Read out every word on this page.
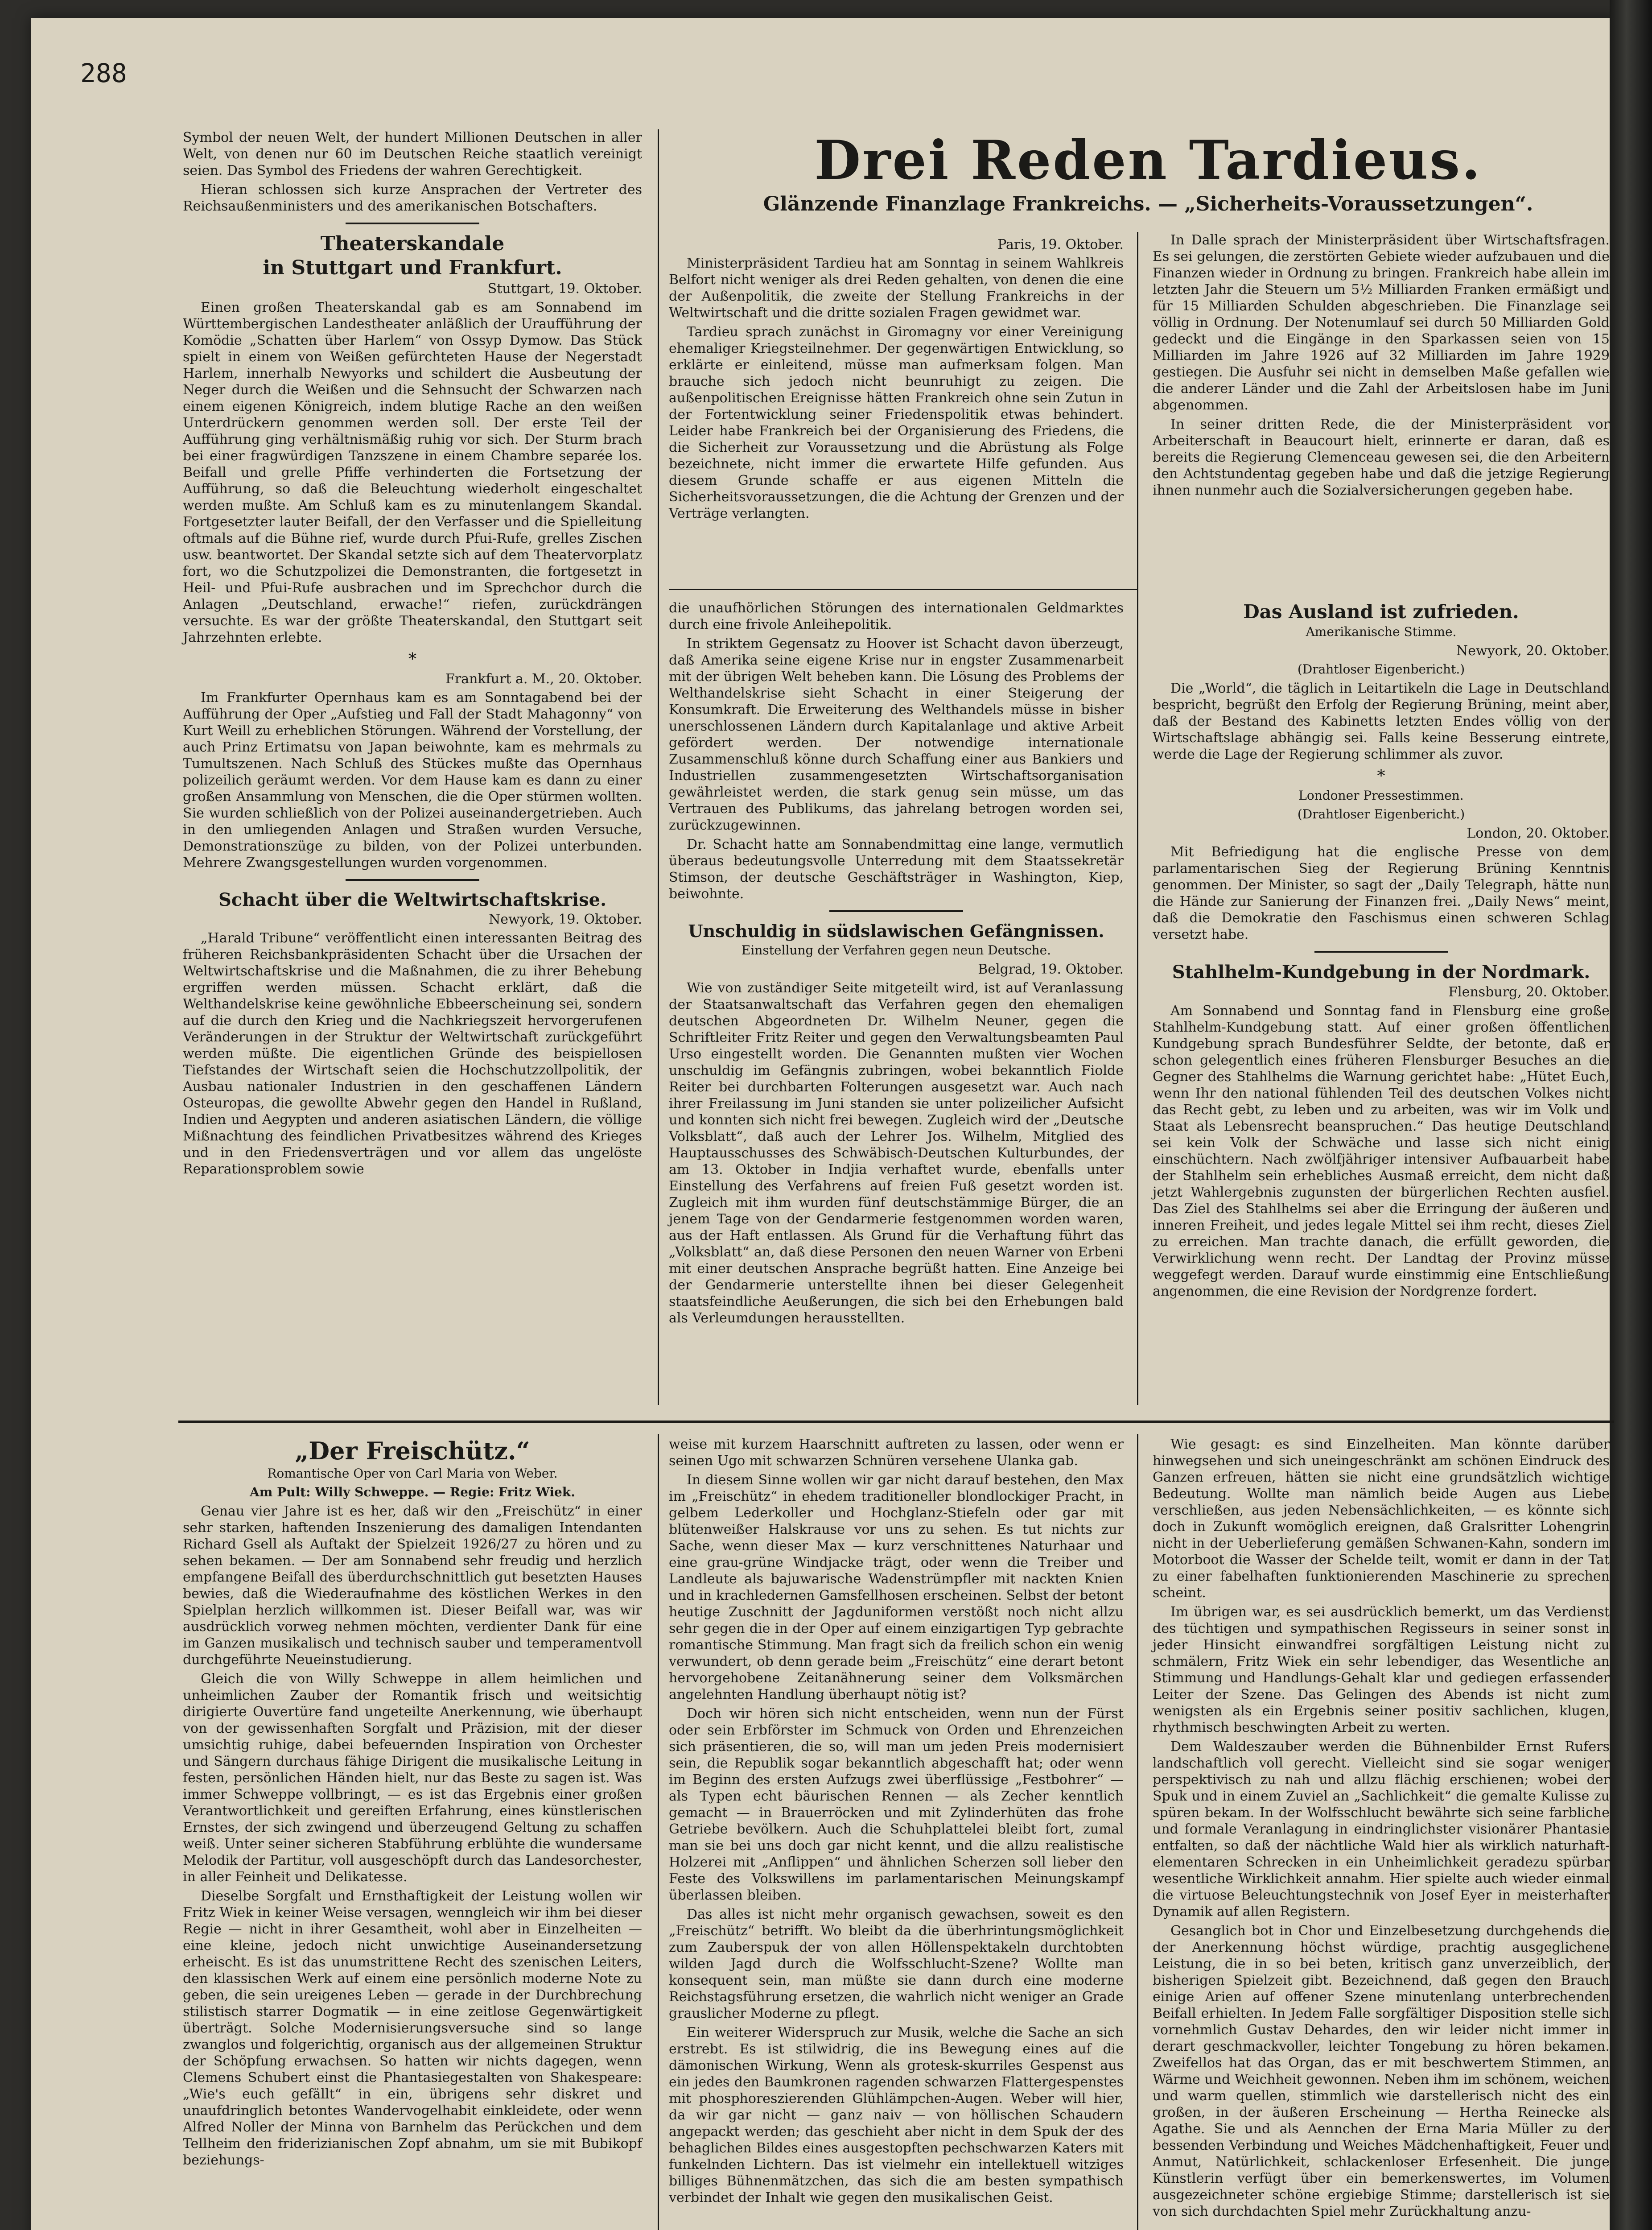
288

Symbol der neuen Welt, der hundert Millionen Deutschen in aller Welt, von denen nur 60 im Deutschen Reiche staatlich vereinigt seien. Das Symbol des Friedens der wahren Gerechtigkeit.

Hieran schlossen sich kurze Ansprachen der Vertreter des Reichsaußenministers und des amerikanischen Botschafters.

Theaterskandale
in Stuttgart und Frankfurt.
Stuttgart, 19. Oktober.

Einen großen Theaterskandal gab es am Sonnabend im Württembergischen Landestheater anläßlich der Uraufführung der Komödie „Schatten über Harlem“ von Ossyp Dymow. Das Stück spielt in einem von Weißen gefürchteten Hause der Negerstadt Harlem, innerhalb Newyorks und schildert die Ausbeutung der Neger durch die Weißen und die Sehnsucht der Schwarzen nach einem eigenen Königreich, indem blutige Rache an den weißen Unterdrückern genommen werden soll. Der erste Teil der Aufführung ging verhältnismäßig ruhig vor sich. Der Sturm brach bei einer fragwürdigen Tanzszene in einem Chambre separée los. Beifall und grelle Pfiffe verhinderten die Fortsetzung der Aufführung, so daß die Beleuchtung wiederholt eingeschaltet werden mußte. Am Schluß kam es zu minutenlangem Skandal. Fortgesetzter lauter Beifall, der den Verfasser und die Spielleitung oftmals auf die Bühne rief, wurde durch Pfui-Rufe, grelles Zischen usw. beantwortet. Der Skandal setzte sich auf dem Theatervorplatz fort, wo die Schutzpolizei die Demonstranten, die fortgesetzt in Heil- und Pfui-Rufe ausbrachen und im Sprechchor durch die Anlagen „Deutschland, erwache!“ riefen, zurückdrängen versuchte. Es war der größte Theaterskandal, den Stuttgart seit Jahrzehnten erlebte.

*
Frankfurt a. M., 20. Oktober.

Im Frankfurter Opernhaus kam es am Sonntagabend bei der Aufführung der Oper „Aufstieg und Fall der Stadt Mahagonny“ von Kurt Weill zu erheblichen Störungen. Während der Vorstellung, der auch Prinz Ertimatsu von Japan beiwohnte, kam es mehrmals zu Tumultszenen. Nach Schluß des Stückes mußte das Opernhaus polizeilich geräumt werden. Vor dem Hause kam es dann zu einer großen Ansammlung von Menschen, die die Oper stürmen wollten. Sie wurden schließlich von der Polizei auseinandergetrieben. Auch in den umliegenden Anlagen und Straßen wurden Versuche, Demonstrationszüge zu bilden, von der Polizei unterbunden. Mehrere Zwangsgestellungen wurden vorgenommen.

Schacht über die Weltwirtschaftskrise.
Newyork, 19. Oktober.

„Harald Tribune“ veröffentlicht einen interessanten Beitrag des früheren Reichsbankpräsidenten Schacht über die Ursachen der Weltwirtschaftskrise und die Maßnahmen, die zu ihrer Behebung ergriffen werden müssen. Schacht erklärt, daß die Welthandelskrise keine gewöhnliche Ebbeerscheinung sei, sondern auf die durch den Krieg und die Nachkriegszeit hervorgerufenen Veränderungen in der Struktur der Weltwirtschaft zurückgeführt werden müßte. Die eigentlichen Gründe des beispiellosen Tiefstandes der Wirtschaft seien die Hochschutzzollpolitik, der Ausbau nationaler Industrien in den geschaffenen Ländern Osteuropas, die gewollte Abwehr gegen den Handel in Rußland, Indien und Aegypten und anderen asiatischen Ländern, die völlige Mißnachtung des feindlichen Privatbesitzes während des Krieges und in den Friedensverträgen und vor allem das ungelöste Reparationsproblem sowie

Drei Reden Tardieus.
Glänzende Finanzlage Frankreichs. — „Sicherheits-Voraussetzungen“.
Paris, 19. Oktober.

Ministerpräsident Tardieu hat am Sonntag in seinem Wahlkreis Belfort nicht weniger als drei Reden gehalten, von denen die eine der Außenpolitik, die zweite der Stellung Frankreichs in der Weltwirtschaft und die dritte sozialen Fragen gewidmet war.

Tardieu sprach zunächst in Giromagny vor einer Vereinigung ehemaliger Kriegsteilnehmer. Der gegenwärtigen Entwicklung, so erklärte er einleitend, müsse man aufmerksam folgen. Man brauche sich jedoch nicht beunruhigt zu zeigen. Die außenpolitischen Ereignisse hätten Frankreich ohne sein Zutun in der Fortentwicklung seiner Friedenspolitik etwas behindert. Leider habe Frankreich bei der Organisierung des Friedens, die die Sicherheit zur Voraussetzung und die Abrüstung als Folge bezeichnete, nicht immer die erwartete Hilfe gefunden. Aus diesem Grunde schaffe er aus eigenen Mitteln die Sicherheitsvoraussetzungen, die die Achtung der Grenzen und der Verträge verlangten.

In Dalle sprach der Ministerpräsident über Wirtschaftsfragen. Es sei gelungen, die zerstörten Gebiete wieder aufzubauen und die Finanzen wieder in Ordnung zu bringen. Frankreich habe allein im letzten Jahr die Steuern um 5½ Milliarden Franken ermäßigt und für 15 Milliarden Schulden abgeschrieben. Die Finanzlage sei völlig in Ordnung. Der Notenumlauf sei durch 50 Milliarden Gold gedeckt und die Eingänge in den Sparkassen seien von 15 Milliarden im Jahre 1926 auf 32 Milliarden im Jahre 1929 gestiegen. Die Ausfuhr sei nicht in demselben Maße gefallen wie die anderer Länder und die Zahl der Arbeitslosen habe im Juni abgenommen.

In seiner dritten Rede, die der Ministerpräsident vor Arbeiterschaft in Beaucourt hielt, erinnerte er daran, daß es bereits die Regierung Clemenceau gewesen sei, die den Arbeitern den Achtstundentag gegeben habe und daß die jetzige Regierung ihnen nunmehr auch die Sozialversicherungen gegeben habe.

die unaufhörlichen Störungen des internationalen Geldmarktes durch eine frivole Anleihepolitik.

In striktem Gegensatz zu Hoover ist Schacht davon überzeugt, daß Amerika seine eigene Krise nur in engster Zusammenarbeit mit der übrigen Welt beheben kann. Die Lösung des Problems der Welthandelskrise sieht Schacht in einer Steigerung der Konsumkraft. Die Erweiterung des Welthandels müsse in bisher unerschlossenen Ländern durch Kapitalanlage und aktive Arbeit gefördert werden. Der notwendige internationale Zusammenschluß könne durch Schaffung einer aus Bankiers und Industriellen zusammengesetzten Wirtschaftsorganisation gewährleistet werden, die stark genug sein müsse, um das Vertrauen des Publikums, das jahrelang betrogen worden sei, zurückzugewinnen.

Dr. Schacht hatte am Sonnabendmittag eine lange, vermutlich überaus bedeutungsvolle Unterredung mit dem Staatssekretär Stimson, der deutsche Geschäftsträger in Washington, Kiep, beiwohnte.

Unschuldig in südslawischen Gefängnissen.
Einstellung der Verfahren gegen neun Deutsche.
Belgrad, 19. Oktober.

Wie von zuständiger Seite mitgeteilt wird, ist auf Veranlassung der Staatsanwaltschaft das Verfahren gegen den ehemaligen deutschen Abgeordneten Dr. Wilhelm Neuner, gegen die Schriftleiter Fritz Reiter und gegen den Verwaltungsbeamten Paul Urso eingestellt worden. Die Genannten mußten vier Wochen unschuldig im Gefängnis zubringen, wobei bekanntlich Fiolde Reiter bei durchbarten Folterungen ausgesetzt war. Auch nach ihrer Freilassung im Juni standen sie unter polizeilicher Aufsicht und konnten sich nicht frei bewegen. Zugleich wird der „Deutsche Volksblatt“, daß auch der Lehrer Jos. Wilhelm, Mitglied des Hauptausschusses des Schwäbisch-Deutschen Kulturbundes, der am 13. Oktober in Indjia verhaftet wurde, ebenfalls unter Einstellung des Verfahrens auf freien Fuß gesetzt worden ist. Zugleich mit ihm wurden fünf deutschstämmige Bürger, die an jenem Tage von der Gendarmerie festgenommen worden waren, aus der Haft entlassen. Als Grund für die Verhaftung führt das „Volksblatt“ an, daß diese Personen den neuen Warner von Erbeni mit einer deutschen Ansprache begrüßt hatten. Eine Anzeige bei der Gendarmerie unterstellte ihnen bei dieser Gelegenheit staatsfeindliche Aeußerungen, die sich bei den Erhebungen bald als Verleumdungen herausstellten.

Das Ausland ist zufrieden.
Amerikanische Stimme.
Newyork, 20. Oktober.
(Drahtloser Eigenbericht.)

Die „World“, die täglich in Leitartikeln die Lage in Deutschland bespricht, begrüßt den Erfolg der Regierung Brüning, meint aber, daß der Bestand des Kabinetts letzten Endes völlig von der Wirtschaftslage abhängig sei. Falls keine Besserung eintrete, werde die Lage der Regierung schlimmer als zuvor.

*
Londoner Pressestimmen.
(Drahtloser Eigenbericht.)
London, 20. Oktober.

Mit Befriedigung hat die englische Presse von dem parlamentarischen Sieg der Regierung Brüning Kenntnis genommen. Der Minister, so sagt der „Daily Telegraph, hätte nun die Hände zur Sanierung der Finanzen frei. „Daily News“ meint, daß die Demokratie den Faschismus einen schweren Schlag versetzt habe.

Stahlhelm-Kundgebung in der Nordmark.
Flensburg, 20. Oktober.

Am Sonnabend und Sonntag fand in Flensburg eine große Stahlhelm-Kundgebung statt. Auf einer großen öffentlichen Kundgebung sprach Bundesführer Seldte, der betonte, daß er schon gelegentlich eines früheren Flensburger Besuches an die Gegner des Stahlhelms die Warnung gerichtet habe: „Hütet Euch, wenn Ihr den national fühlenden Teil des deutschen Volkes nicht das Recht gebt, zu leben und zu arbeiten, was wir im Volk und Staat als Lebensrecht beanspruchen.“ Das heutige Deutschland sei kein Volk der Schwäche und lasse sich nicht einig einschüchtern. Nach zwölfjähriger intensiver Aufbauarbeit habe der Stahlhelm sein erhebliches Ausmaß erreicht, dem nicht daß jetzt Wahlergebnis zugunsten der bürgerlichen Rechten ausfiel. Das Ziel des Stahlhelms sei aber die Erringung der äußeren und inneren Freiheit, und jedes legale Mittel sei ihm recht, dieses Ziel zu erreichen. Man trachte danach, die erfüllt geworden, die Verwirklichung wenn recht. Der Landtag der Provinz müsse weggefegt werden. Darauf wurde einstimmig eine Entschließung angenommen, die eine Revision der Nordgrenze fordert.

„Der Freischütz.“
Romantische Oper von Carl Maria von Weber.
Am Pult: Willy Schweppe. — Regie: Fritz Wiek.

Genau vier Jahre ist es her, daß wir den „Freischütz“ in einer sehr starken, haftenden Inszenierung des damaligen Intendanten Richard Gsell als Auftakt der Spielzeit 1926/27 zu hören und zu sehen bekamen. — Der am Sonnabend sehr freudig und herzlich empfangene Beifall des überdurchschnittlich gut besetzten Hauses bewies, daß die Wiederaufnahme des köstlichen Werkes in den Spielplan herzlich willkommen ist. Dieser Beifall war, was wir ausdrücklich vorweg nehmen möchten, verdienter Dank für eine im Ganzen musikalisch und technisch sauber und temperamentvoll durchgeführte Neueinstudierung.

Gleich die von Willy Schweppe in allem heimlichen und unheimlichen Zauber der Romantik frisch und weitsichtig dirigierte Ouvertüre fand ungeteilte Anerkennung, wie überhaupt von der gewissenhaften Sorgfalt und Präzision, mit der dieser umsichtig ruhige, dabei befeuernden Inspiration von Orchester und Sängern durchaus fähige Dirigent die musikalische Leitung in festen, persönlichen Händen hielt, nur das Beste zu sagen ist. Was immer Schweppe vollbringt, — es ist das Ergebnis einer großen Verantwortlichkeit und gereiften Erfahrung, eines künstlerischen Ernstes, der sich zwingend und überzeugend Geltung zu schaffen weiß. Unter seiner sicheren Stabführung erblühte die wundersame Melodik der Partitur, voll ausgeschöpft durch das Landesorchester, in aller Feinheit und Delikatesse.

Dieselbe Sorgfalt und Ernsthaftigkeit der Leistung wollen wir Fritz Wiek in keiner Weise versagen, wenngleich wir ihm bei dieser Regie — nicht in ihrer Gesamtheit, wohl aber in Einzelheiten — eine kleine, jedoch nicht unwichtige Auseinandersetzung erheischt. Es ist das unumstrittene Recht des szenischen Leiters, den klassischen Werk auf einem eine persönlich moderne Note zu geben, die sein ureigenes Leben — gerade in der Durchbrechung stilistisch starrer Dogmatik — in eine zeitlose Gegenwärtigkeit überträgt. Solche Modernisierungsversuche sind so lange zwanglos und folgerichtig, organisch aus der allgemeinen Struktur der Schöpfung erwachsen. So hatten wir nichts dagegen, wenn Clemens Schubert einst die Phantasiegestalten von Shakespeare: „Wie's euch gefällt“ in ein, übrigens sehr diskret und unaufdringlich betontes Wandervogelhabit einkleidete, oder wenn Alfred Noller der Minna von Barnhelm das Perückchen und dem Tellheim den friderizianischen Zopf abnahm, um sie mit Bubikopf beziehungs-

weise mit kurzem Haarschnitt auftreten zu lassen, oder wenn er seinen Ugo mit schwarzen Schnüren versehene Ulanka gab.

In diesem Sinne wollen wir gar nicht darauf bestehen, den Max im „Freischütz“ in ehedem traditioneller blondlockiger Pracht, in gelbem Lederkoller und Hochglanz-Stiefeln oder gar mit blütenweißer Halskrause vor uns zu sehen. Es tut nichts zur Sache, wenn dieser Max — kurz verschnittenes Naturhaar und eine grau-grüne Windjacke trägt, oder wenn die Treiber und Landleute als bajuwarische Wadenstrümpfler mit nackten Knien und in krachledernen Gamsfellhosen erscheinen. Selbst der betont heutige Zuschnitt der Jagduniformen verstößt noch nicht allzu sehr gegen die in der Oper auf einem einzigartigen Typ gebrachte romantische Stimmung. Man fragt sich da freilich schon ein wenig verwundert, ob denn gerade beim „Freischütz“ eine derart betont hervorgehobene Zeitanähnerung seiner dem Volksmärchen angelehnten Handlung überhaupt nötig ist?

Doch wir hören sich nicht entscheiden, wenn nun der Fürst oder sein Erbförster im Schmuck von Orden und Ehrenzeichen sich präsentieren, die so, will man um jeden Preis modernisiert sein, die Republik sogar bekanntlich abgeschafft hat; oder wenn im Beginn des ersten Aufzugs zwei überflüssige „Festbohrer“ — als Typen echt bäurischen Rennen — als Zecher kenntlich gemacht — in Brauerröcken und mit Zylinderhüten das frohe Getriebe bevölkern. Auch die Schuhplattelei bleibt fort, zumal man sie bei uns doch gar nicht kennt, und die allzu realistische Holzerei mit „Anflippen“ und ähnlichen Scherzen soll lieber den Feste des Volkswillens im parlamentarischen Meinungskampf überlassen bleiben.

Das alles ist nicht mehr organisch gewachsen, soweit es den „Freischütz“ betrifft. Wo bleibt da die überhrintungsmöglichkeit zum Zauberspuk der von allen Höllenspektakeln durchtobten wilden Jagd durch die Wolfsschlucht-Szene? Wollte man konsequent sein, man müßte sie dann durch eine moderne Reichstagsführung ersetzen, die wahrlich nicht weniger an Grade grauslicher Moderne zu pflegt.

Ein weiterer Widerspruch zur Musik, welche die Sache an sich erstrebt. Es ist stilwidrig, die ins Bewegung eines auf die dämonischen Wirkung, Wenn als grotesk-skurriles Gespenst aus ein jedes den Baumkronen ragenden schwarzen Flattergespenstes mit phosphoreszierenden Glühlämpchen-Augen. Weber will hier, da wir gar nicht — ganz naiv — von höllischen Schaudern angepackt werden; das geschieht aber nicht in dem Spuk der des behaglichen Bildes eines ausgestopften pechschwarzen Katers mit funkelnden Lichtern. Das ist vielmehr ein intellektuell witziges billiges Bühnenmätzchen, das sich die am besten sympathisch verbindet der Inhalt wie gegen den musikalischen Geist.

Wie gesagt: es sind Einzelheiten. Man könnte darüber hinwegsehen und sich uneingeschränkt am schönen Eindruck des Ganzen erfreuen, hätten sie nicht eine grundsätzlich wichtige Bedeutung. Wollte man nämlich beide Augen aus Liebe verschließen, aus jeden Nebensächlichkeiten, — es könnte sich doch in Zukunft womöglich ereignen, daß Gralsritter Lohengrin nicht in der Ueberlieferung gemäßen Schwanen-Kahn, sondern im Motorboot die Wasser der Schelde teilt, womit er dann in der Tat zu einer fabelhaften funktionierenden Maschinerie zu sprechen scheint.

Im übrigen war, es sei ausdrücklich bemerkt, um das Verdienst des tüchtigen und sympathischen Regisseurs in seiner sonst in jeder Hinsicht einwandfrei sorgfältigen Leistung nicht zu schmälern, Fritz Wiek ein sehr lebendiger, das Wesentliche an Stimmung und Handlungs-Gehalt klar und gediegen erfassender Leiter der Szene. Das Gelingen des Abends ist nicht zum wenigsten als ein Ergebnis seiner positiv sachlichen, klugen, rhythmisch beschwingten Arbeit zu werten.

Dem Waldeszauber werden die Bühnenbilder Ernst Rufers landschaftlich voll gerecht. Vielleicht sind sie sogar weniger perspektivisch zu nah und allzu flächig erschienen; wobei der Spuk und in einem Zuviel an „Sachlichkeit“ die gemalte Kulisse zu spüren bekam. In der Wolfsschlucht bewährte sich seine farbliche und formale Veranlagung in eindringlichster visionärer Phantasie entfalten, so daß der nächtliche Wald hier als wirklich naturhaft-elementaren Schrecken in ein Unheimlichkeit geradezu spürbar wesentliche Wirklichkeit annahm. Hier spielte auch wieder einmal die virtuose Beleuchtungstechnik von Josef Eyer in meisterhafter Dynamik auf allen Registern.

Gesanglich bot in Chor und Einzelbesetzung durchgehends die der Anerkennung höchst würdige, prachtig ausgeglichene Leistung, die in so bei beten, kritisch ganz unverzeiblich, der bisherigen Spielzeit gibt. Bezeichnend, daß gegen den Brauch einige Arien auf offener Szene minutenlang unterbrechenden Beifall erhielten. In Jedem Falle sorgfältiger Disposition stelle sich vornehmlich Gustav Dehardes, den wir leider nicht immer in derart geschmackvoller, leichter Tongebung zu hören bekamen. Zweifellos hat das Organ, das er mit beschwertem Stimmen, an Wärme und Weichheit gewonnen. Neben ihm im schönem, weichen und warm quellen, stimmlich wie darstellerisch nicht des ein großen, in der äußeren Erscheinung — Hertha Reinecke als Agathe. Sie und als Aennchen der Erna Maria Müller zu der bessenden Verbindung und Weiches Mädchenhaftigkeit, Feuer und Anmut, Natürlichkeit, schlackenloser Erfesenheit. Die junge Künstlerin verfügt über ein bemerkenswertes, im Volumen ausgezeichneter schöne ergiebige Stimme; darstellerisch ist sie von sich durchdachten Spiel mehr Zurückhaltung anzu-
